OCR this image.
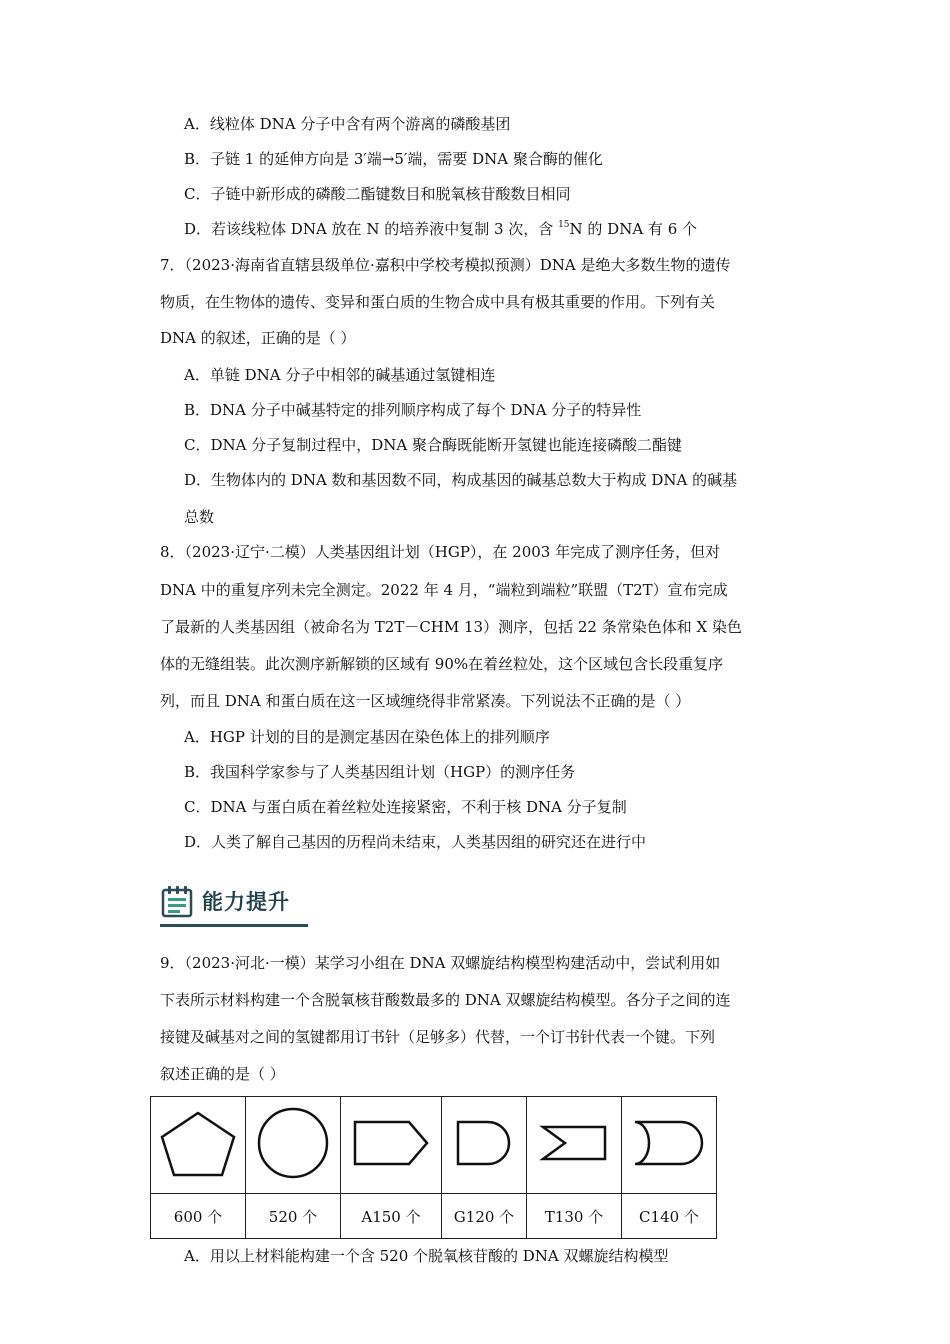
A．线粒体 DNA 分子中含有两个游离的磷酸基团
B．子链 1 的延伸方向是 3′端→5′端，需要 DNA 聚合酶的催化
C．子链中新形成的磷酸二酯键数目和脱氧核苷酸数目相同
D．若该线粒体 DNA 放在 N 的培养液中复制 3 次，含 $^{15}$N 的 DNA 有 6 个
7．（2023·海南省直辖县级单位·嘉积中学校考模拟预测）DNA 是绝大多数生物的遗传
物质，在生物体的遗传、变异和蛋白质的生物合成中具有极其重要的作用。下列有关
DNA 的叙述，正确的是（ ）
A．单链 DNA 分子中相邻的碱基通过氢键相连
B．DNA 分子中碱基特定的排列顺序构成了每个 DNA 分子的特异性
C．DNA 分子复制过程中，DNA 聚合酶既能断开氢键也能连接磷酸二酯键
D．生物体内的 DNA 数和基因数不同，构成基因的碱基总数大于构成 DNA 的碱基
总数
8．（2023·辽宁·二模）人类基因组计划（HGP），在 2003 年完成了测序任务，但对
DNA 中的重复序列未完全测定。2022 年 4 月，“端粒到端粒”联盟（T2T）宣布完成
了最新的人类基因组（被命名为 T2T－CHM 13）测序，包括 22 条常染色体和 X 染色
体的无缝组装。此次测序新解锁的区域有 90%在着丝粒处，这个区域包含长段重复序
列，而且 DNA 和蛋白质在这一区域缠绕得非常紧凑。下列说法不正确的是（ ）
A．HGP 计划的目的是测定基因在染色体上的排列顺序
B．我国科学家参与了人类基因组计划（HGP）的测序任务
C．DNA 与蛋白质在着丝粒处连接紧密，不利于核 DNA 分子复制
D．人类了解自己基因的历程尚未结束，人类基因组的研究还在进行中
能力提升
9．（2023·河北·一模）某学习小组在 DNA 双螺旋结构模型构建活动中，尝试利用如
下表所示材料构建一个含脱氧核苷酸数最多的 DNA 双螺旋结构模型。各分子之间的连
接键及碱基对之间的氢键都用订书针（足够多）代替，一个订书针代表一个键。下列
叙述正确的是（ ）

600 个	520 个	A150 个	G120 个	T130 个	C140 个
A．用以上材料能构建一个含 520 个脱氧核苷酸的 DNA 双螺旋结构模型
